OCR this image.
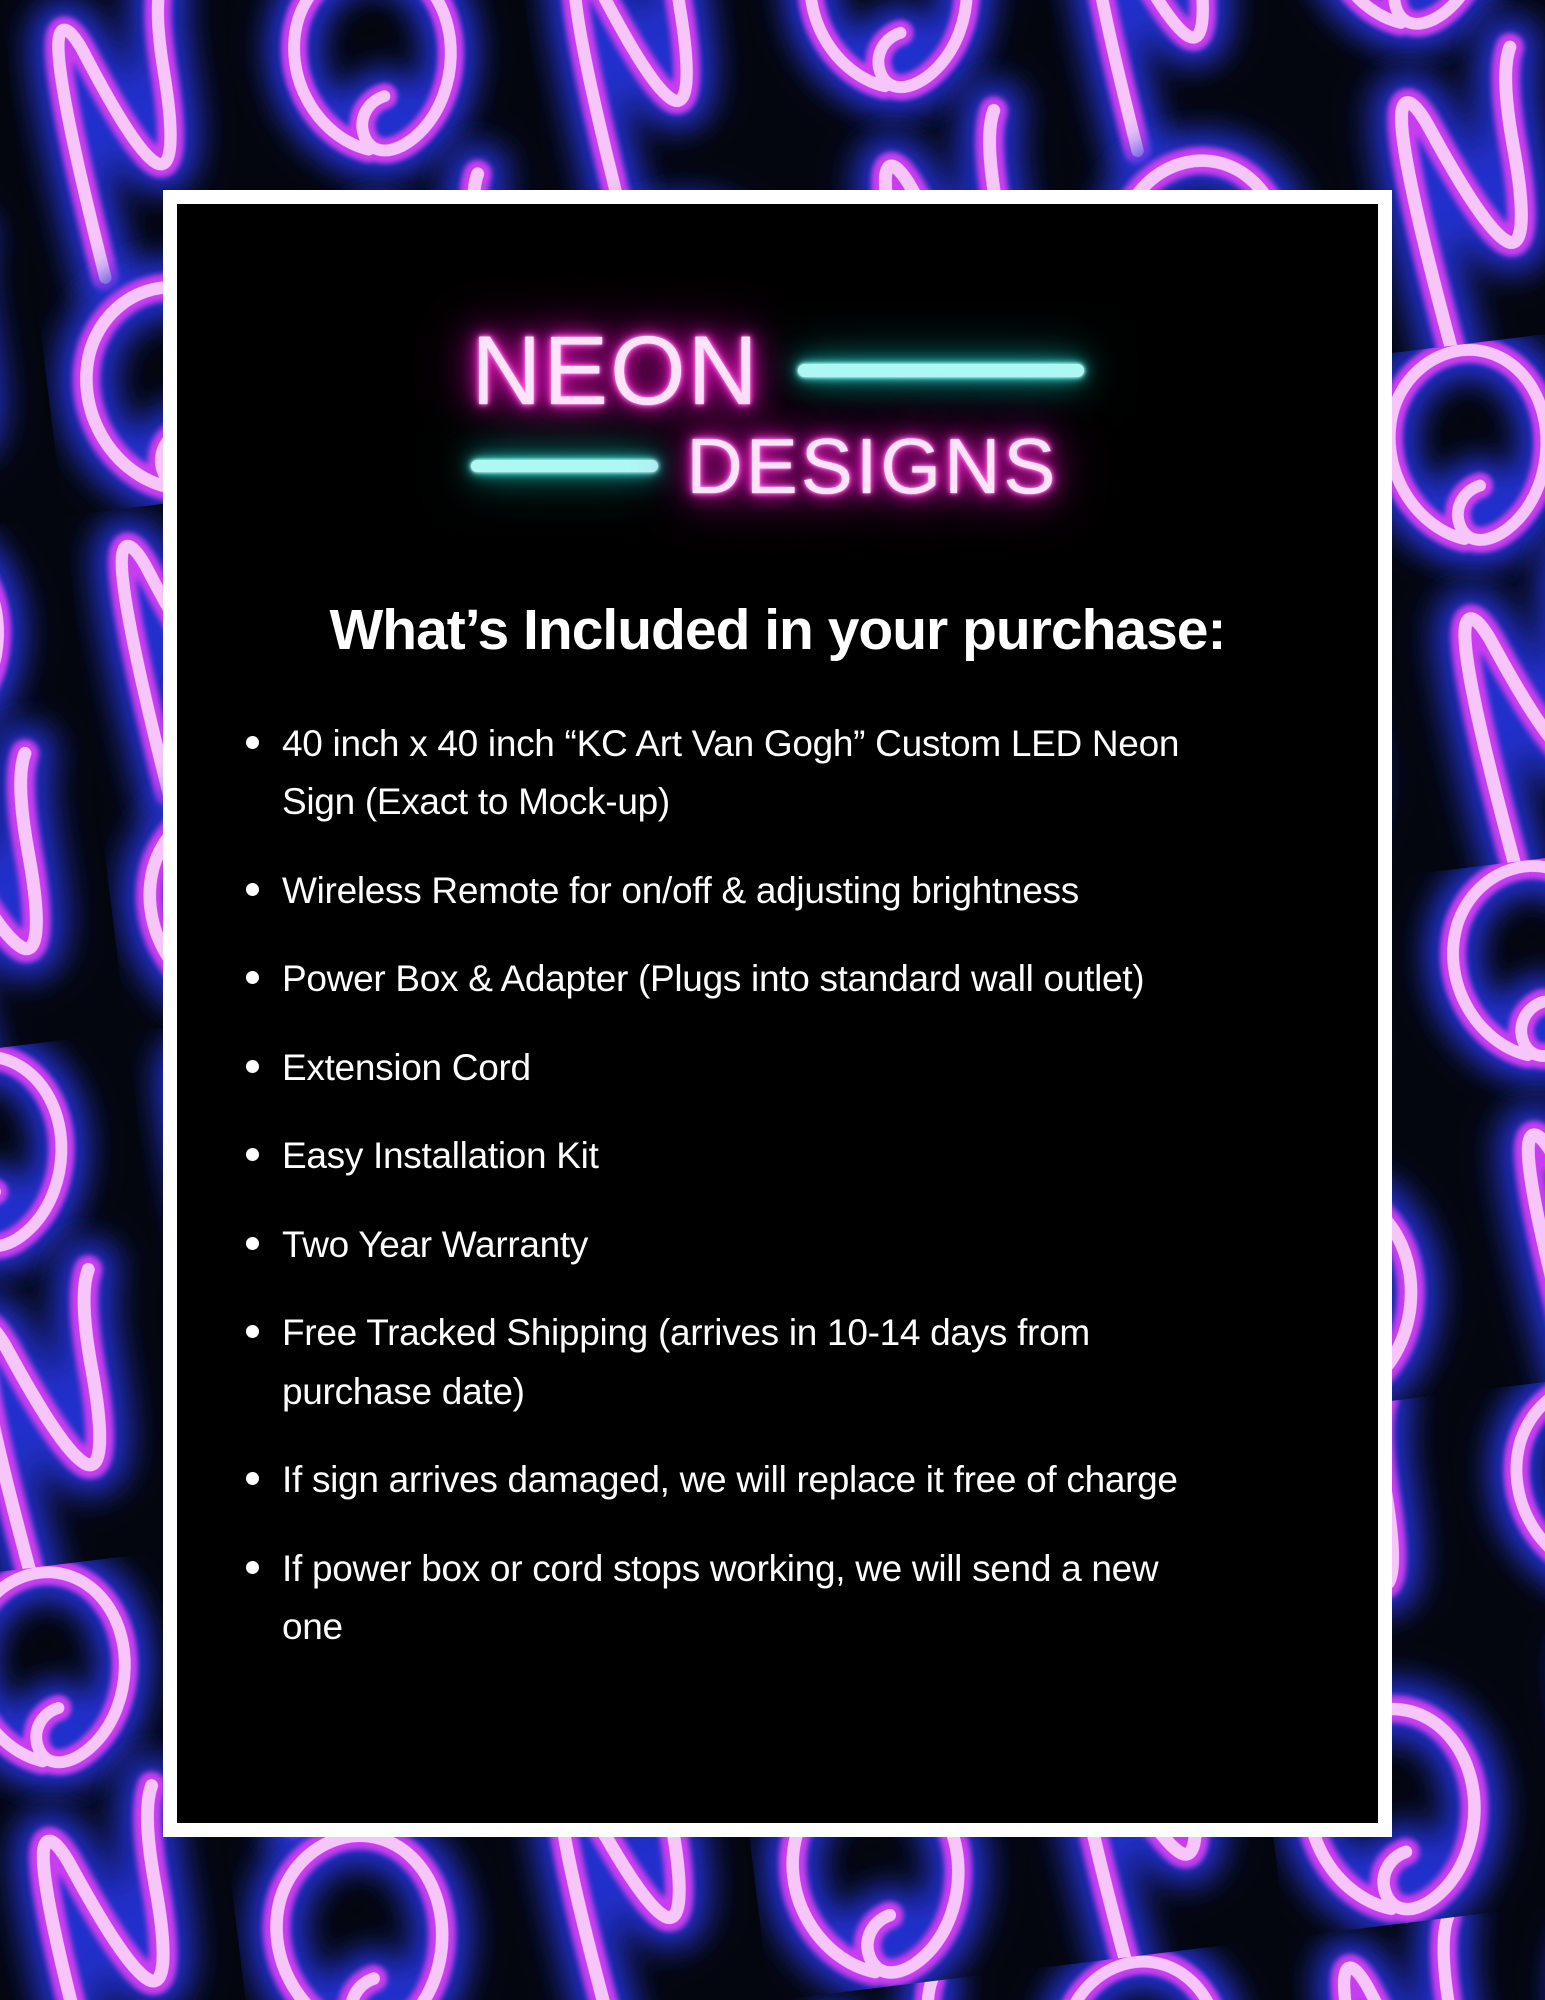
NEON
DESIGNS
What’s Included in your purchase:
40 inch x 40 inch “KC Art Van Gogh” Custom LED Neon Sign (Exact to Mock-up)
Wireless Remote for on/off & adjusting brightness
Power Box & Adapter (Plugs into standard wall outlet)
Extension Cord
Easy Installation Kit
Two Year Warranty
Free Tracked Shipping (arrives in 10-14 days from purchase date)
If sign arrives damaged, we will replace it free of charge
If power box or cord stops working, we will send a new one
